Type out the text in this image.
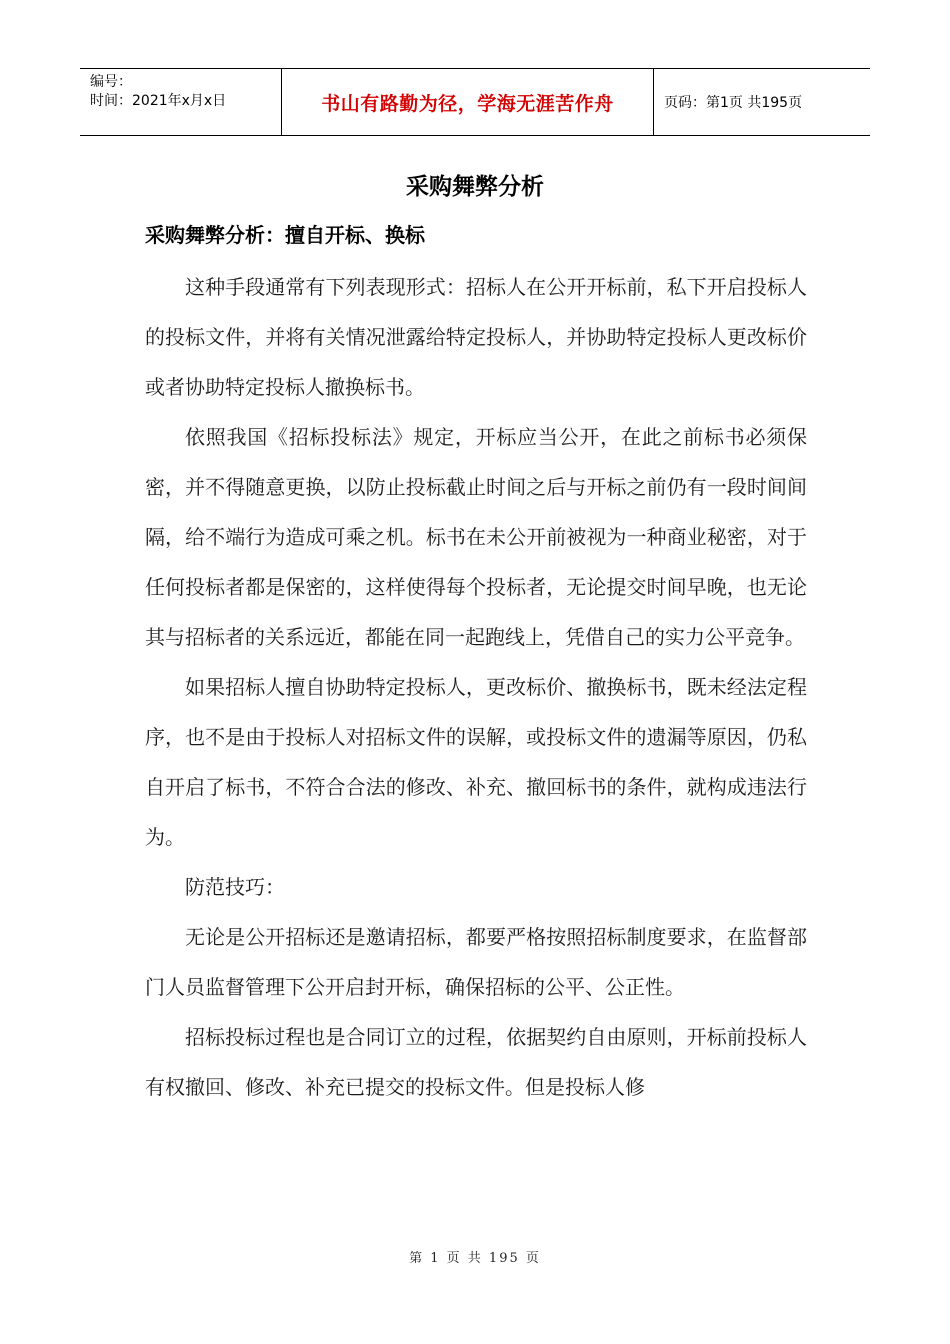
编号：
时间：2021年x月x日	书山有路勤为径，学海无涯苦作舟	页码：第1页 共195页
采购舞弊分析
采购舞弊分析：擅自开标、换标

这种手段通常有下列表现形式：招标人在公开开标前，私下开启投标人的投标文件，并将有关情况泄露给特定投标人，并协助特定投标人更改标价或者协助特定投标人撤换标书。

依照我国《招标投标法》规定，开标应当公开，在此之前标书必须保密，并不得随意更换，以防止投标截止时间之后与开标之前仍有一段时间间隔，给不端行为造成可乘之机。标书在未公开前被视为一种商业秘密，对于任何投标者都是保密的，这样使得每个投标者，无论提交时间早晚，也无论其与招标者的关系远近，都能在同一起跑线上，凭借自己的实力公平竞争。

如果招标人擅自协助特定投标人，更改标价、撤换标书，既未经法定程序，也不是由于投标人对招标文件的误解，或投标文件的遗漏等原因，仍私自开启了标书，不符合合法的修改、补充、撤回标书的条件，就构成违法行为。

防范技巧：

无论是公开招标还是邀请招标，都要严格按照招标制度要求，在监督部门人员监督管理下公开启封开标，确保招标的公平、公正性。

招标投标过程也是合同订立的过程，依据契约自由原则，开标前投标人有权撤回、修改、补充已提交的投标文件。但是投标人修

第 1 页 共 195 页
